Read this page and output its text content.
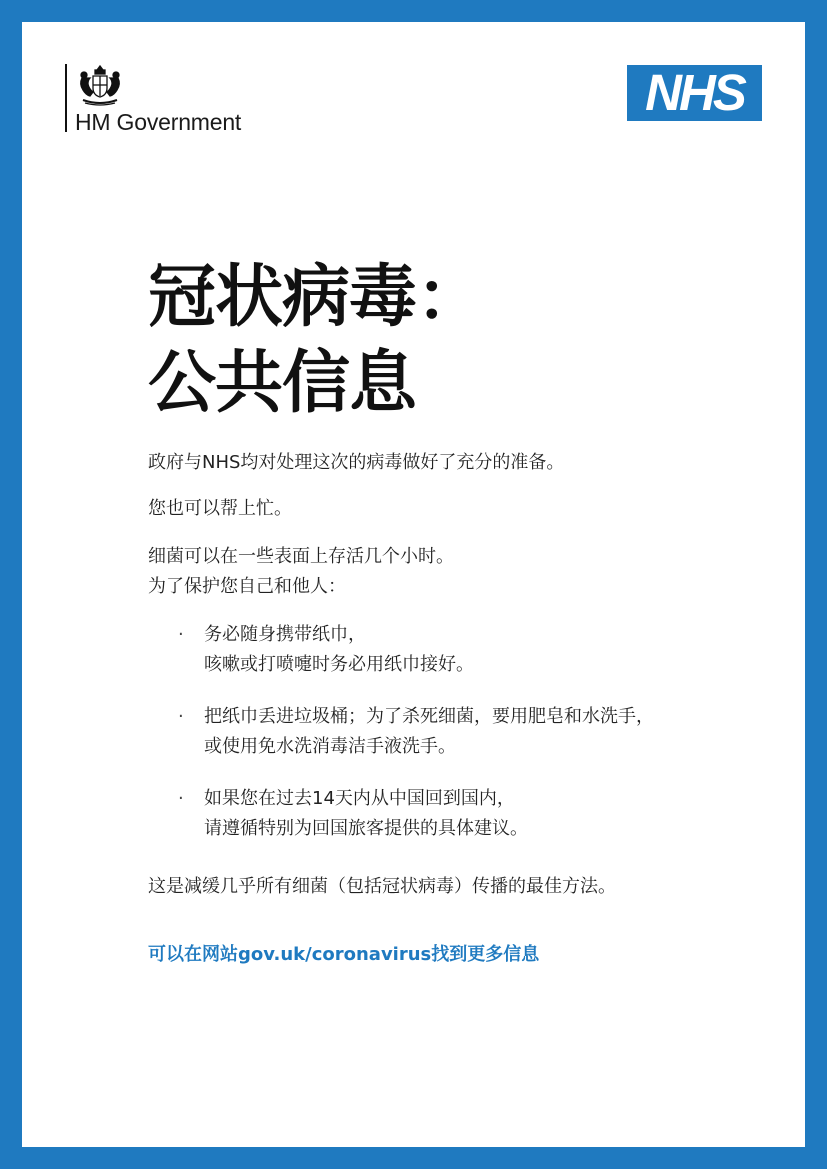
HM Government
NHS
冠状病毒：
公共信息

政府与NHS均对处理这次的病毒做好了充分的准备。

您也可以帮上忙。

细菌可以在一些表面上存活几个小时。

为了保护您自己和他人：

·	务必随身携带纸巾，
咳嗽或打喷嚏时务必用纸巾接好。
·	把纸巾丢进垃圾桶；为了杀死细菌，要用肥皂和水洗手，
或使用免水洗消毒洁手液洗手。
·	如果您在过去14天内从中国回到国内，
请遵循特别为回国旅客提供的具体建议。

这是减缓几乎所有细菌（包括冠状病毒）传播的最佳方法。

可以在网站gov.uk/coronavirus找到更多信息
